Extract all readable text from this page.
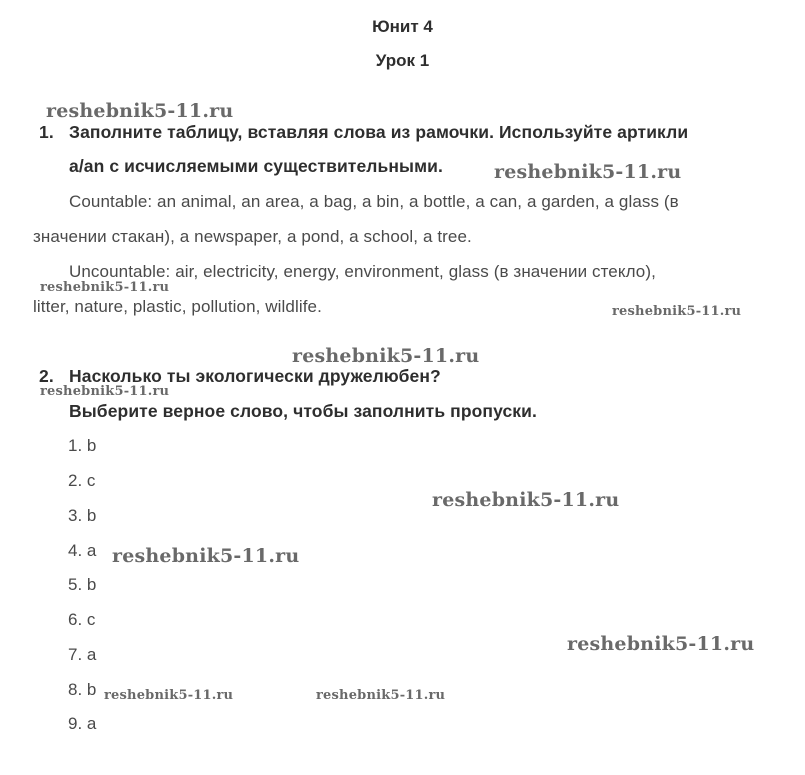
Юнит 4
Урок 1
1. Заполните таблицу, вставляя слова из рамочки. Используйте артикли
a/an с исчисляемыми существительными.
Countable: an animal, an area, a bag, a bin, a bottle, a can, a garden, a glass (в
значении стакан), a newspaper, a pond, a school, a tree.
Uncountable: air, electricity, energy, environment, glass (в значении стекло),
litter, nature, plastic, pollution, wildlife.
2. Насколько ты экологически дружелюбен?
Выберите верное слово, чтобы заполнить пропуски.
1. b
2. c
3. b
4. a
5. b
6. c
7. a
8. b
9. a
reshebnik5-11.ru
reshebnik5-11.ru
reshebnik5-11.ru
reshebnik5-11.ru
reshebnik5-11.ru
reshebnik5-11.ru
reshebnik5-11.ru
reshebnik5-11.ru
reshebnik5-11.ru
reshebnik5-11.ru	reshebnik5-11.ru
